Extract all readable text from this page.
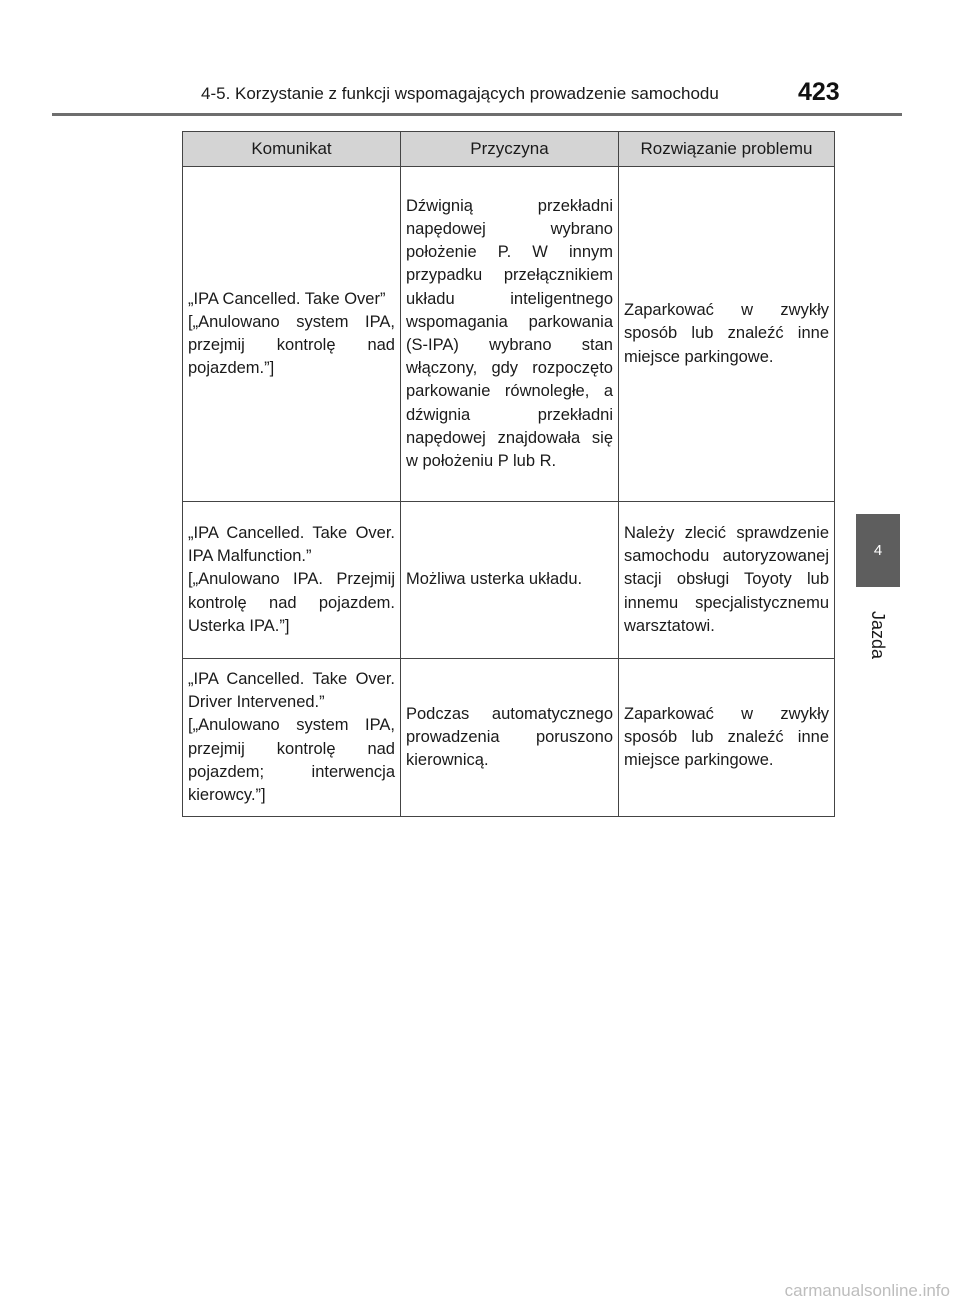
4-5. Korzystanie z funkcji wspomagających prowadzenie samochodu	423
4
Jazda
Komunikat	Przyczyna	Rozwiązanie problemu

„IPA Cancelled. Take Over”
[„Anulowano system IPA, przejmij kontrolę nad pojazdem.”]	Dźwignią przekładni napędowej wybrano położenie P. W innym przypadku przełącznikiem układu inteligentnego wspomagania parkowania (S-IPA) wybrano stan włączony, gdy rozpoczęto parkowanie równoległe, a dźwignia przekładni napędowej znajdowała się w położeniu P lub R.	Zaparkować w zwykły sposób lub znaleźć inne miejsce parkingowe.

„IPA Cancelled. Take Over. IPA Malfunction.”
[„Anulowano IPA. Przejmij kontrolę nad pojazdem. Usterka IPA.”]	Możliwa usterka układu.	Należy zlecić sprawdzenie samochodu autoryzowanej stacji obsługi Toyoty lub innemu specjalistycznemu warsztatowi.

„IPA Cancelled. Take Over. Driver Intervened.”
[„Anulowano system IPA, przejmij kontrolę nad pojazdem; interwencja kierowcy.”]	Podczas automatycznego prowadzenia poruszono kierownicą.	Zaparkować w zwykły sposób lub znaleźć inne miejsce parkingowe.
carmanualsonline.info
